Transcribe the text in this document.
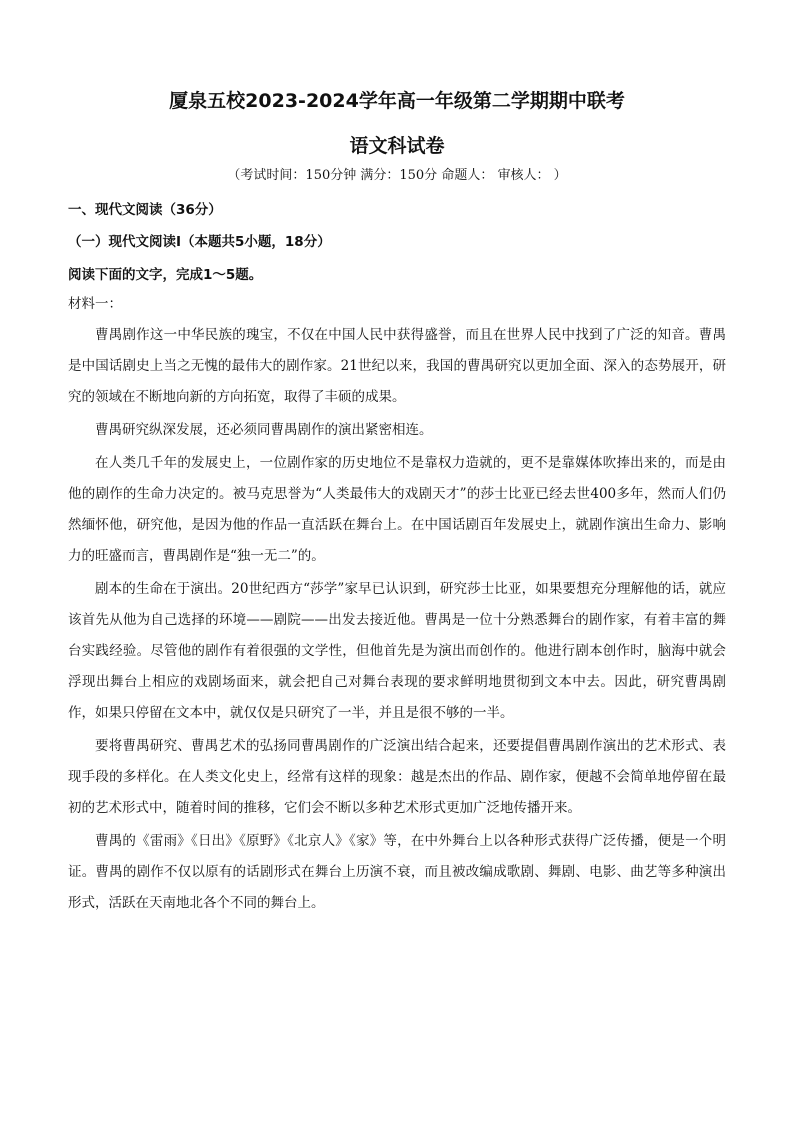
厦泉五校2023-2024学年高一年级第二学期期中联考
语文科试卷
（考试时间：150分钟 满分：150分 命题人： 审核人： ）
一、现代文阅读（36分）
（一）现代文阅读Ⅰ（本题共5小题，18分）
阅读下面的文字，完成1～5题。
材料一：

曹禺剧作这一中华民族的瑰宝，不仅在中国人民中获得盛誉，而且在世界人民中找到了广泛的知音。曹禺是中国话剧史上当之无愧的最伟大的剧作家。21世纪以来，我国的曹禺研究以更加全面、深入的态势展开，研究的领域在不断地向新的方向拓宽，取得了丰硕的成果。

曹禺研究纵深发展，还必须同曹禺剧作的演出紧密相连。

在人类几千年的发展史上，一位剧作家的历史地位不是靠权力造就的，更不是靠媒体吹捧出来的，而是由他的剧作的生命力决定的。被马克思誉为“人类最伟大的戏剧天才”的莎士比亚已经去世400多年，然而人们仍然缅怀他，研究他，是因为他的作品一直活跃在舞台上。在中国话剧百年发展史上，就剧作演出生命力、影响力的旺盛而言，曹禺剧作是“独一无二”的。

剧本的生命在于演出。20世纪西方“莎学”家早已认识到，研究莎士比亚，如果要想充分理解他的话，就应该首先从他为自己选择的环境——剧院——出发去接近他。曹禺是一位十分熟悉舞台的剧作家，有着丰富的舞台实践经验。尽管他的剧作有着很强的文学性，但他首先是为演出而创作的。他进行剧本创作时，脑海中就会浮现出舞台上相应的戏剧场面来，就会把自己对舞台表现的要求鲜明地贯彻到文本中去。因此，研究曹禺剧作，如果只停留在文本中，就仅仅是只研究了一半，并且是很不够的一半。

要将曹禺研究、曹禺艺术的弘扬同曹禺剧作的广泛演出结合起来，还要提倡曹禺剧作演出的艺术形式、表现手段的多样化。在人类文化史上，经常有这样的现象：越是杰出的作品、剧作家，便越不会简单地停留在最初的艺术形式中，随着时间的推移，它们会不断以多种艺术形式更加广泛地传播开来。

曹禺的《雷雨》《日出》《原野》《北京人》《家》等，在中外舞台上以各种形式获得广泛传播，便是一个明证。曹禺的剧作不仅以原有的话剧形式在舞台上历演不衰，而且被改编成歌剧、舞剧、电影、曲艺等多种演出形式，活跃在天南地北各个不同的舞台上。
